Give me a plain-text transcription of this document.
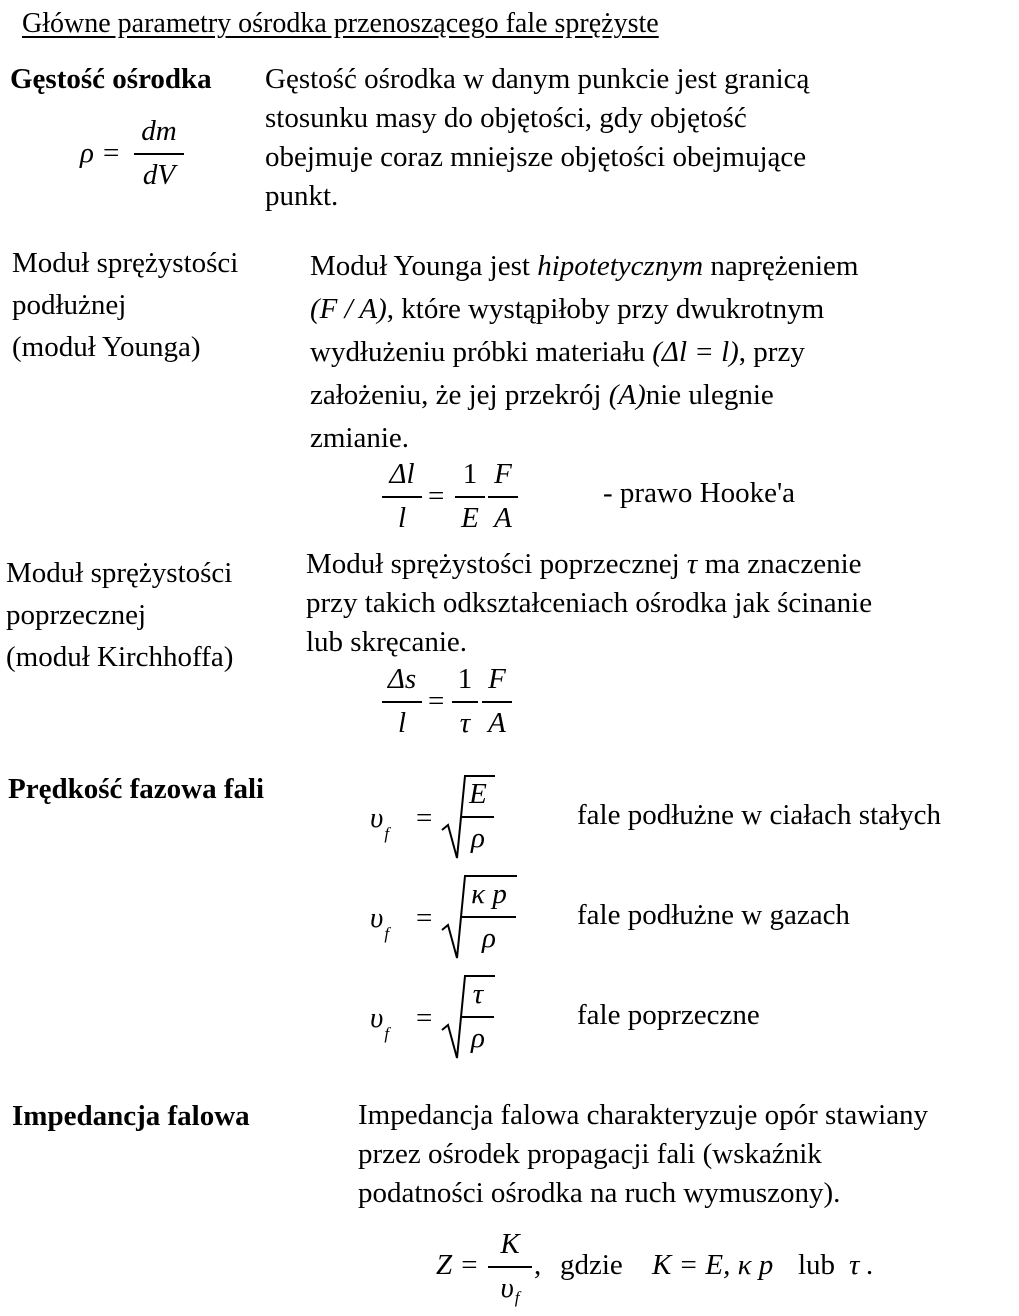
Główne parametry ośrodka przenoszącego fale sprężyste
Gęstość ośrodka Gęstość ośrodka w danym punkcie jest granicą
stosunku masy do objętości, gdy objętość
obejmuje coraz mniejsze objętości obejmujące
punkt.
ρ =
dm
dV
Moduł sprężystości
podłużnej
(moduł Younga)
Moduł Younga jest hipotetycznym naprężeniem
(F / A), które wystąpiłoby przy dwukrotnym
wydłużeniu próbki materiału (Δl = l), przy
założeniu, że jej przekrój (A)nie ulegnie
zmianie.
Δl
l
=
1
E
F
A
- prawo Hooke'a
Moduł sprężystości
poprzecznej
(moduł Kirchhoffa)
Moduł sprężystości poprzecznej τ ma znaczenie
przy takich odkształceniach ośrodka jak ścinanie
lub skręcanie.
Δs
l
=
1
τ
F
A
Prędkość fazowa fali
$\upsilon_f$ =
E
ρ
fale podłużne w ciałach stałych
$\upsilon_f$ =
κ p
ρ
fale podłużne w gazach
$\upsilon_f$ =
τ
ρ
fale poprzeczne
Impedancja falowa	Impedancja falowa charakteryzuje opór stawiany
przez ośrodek propagacji fali (wskaźnik
podatności ośrodka na ruch wymuszony).
Z =
K
$\upsilon_f$
, gdzie K = E, κ p lub τ .
